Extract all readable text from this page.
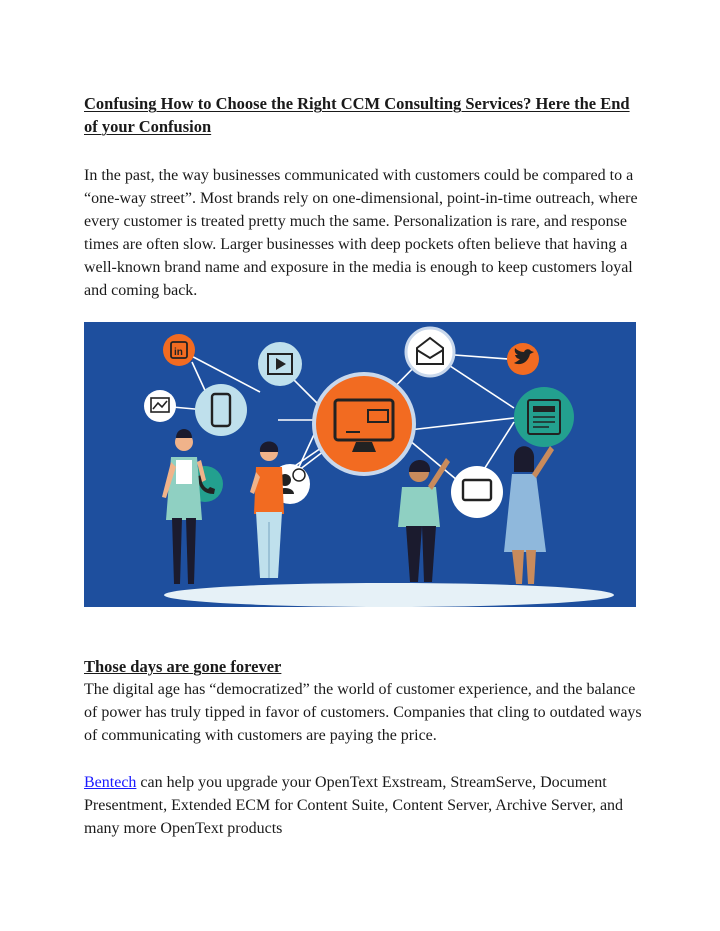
Confusing How to Choose the Right CCM Consulting Services? Here the End of your Confusion
In the past, the way businesses communicated with customers could be compared to a “one-way street”. Most brands rely on one-dimensional, point-in-time outreach, where every customer is treated pretty much the same. Personalization is rare, and response times are often slow. Larger businesses with deep pockets often believe that having a well-known brand name and exposure in the media is enough to keep customers loyal and coming back.
Those days are gone forever
The digital age has “democratized” the world of customer experience, and the balance of power has truly tipped in favor of customers. Companies that cling to outdated ways of communicating with customers are paying the price.
Bentech can help you upgrade your OpenText Exstream, StreamServe, Document Presentment, Extended ECM for Content Suite, Content Server, Archive Server, and many more OpenText products
in
